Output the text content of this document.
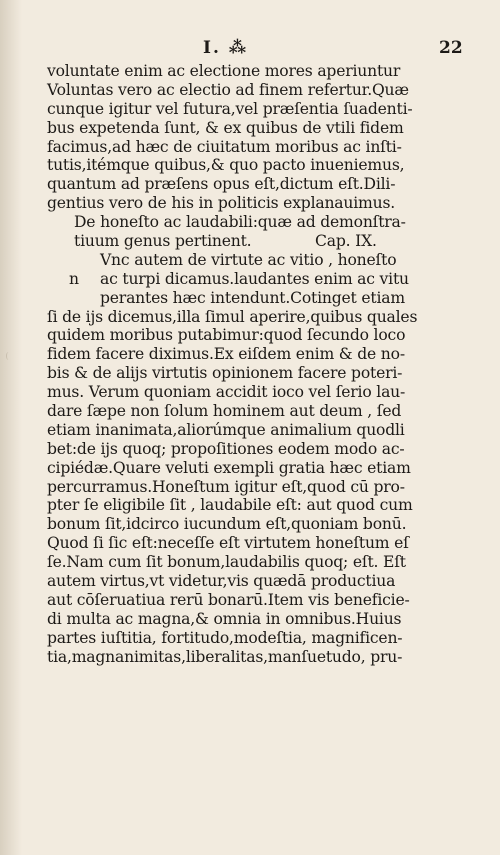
I. ⁂	22
voluntate enim ac electione mores aperiuntur
Voluntas vero ac electio ad finem refertur.Quæ
cunque igitur vel futura,vel præſentia ſuadenti-
bus expetenda ſunt, & ex quibus de vtili fidem
facimus,ad hæc de ciuitatum moribus ac inſti-
tutis,itémque quibus,& quo pacto inueniemus,
quantum ad præſens opus eſt,dictum eſt.Dili-
gentius vero de his in politicis explanauimus.
De honeſto ac laudabili:quæ ad demonſtra-
tiuum genus pertinent.	Cap. IX.
Vnc autem de virtute ac vitio , honeſto
n ac turpi dicamus.laudantes enim ac vitu
perantes hæc intendunt.Cotinget etiam
ſi de ijs dicemus,illa ſimul aperire,quibus quales
quidem moribus putabimur:quod ſecundo loco
fidem facere diximus.Ex eiſdem enim & de no-
bis & de alijs virtutis opinionem facere poteri-
mus. Verum quoniam accidit ioco vel ſerio lau-
dare ſæpe non ſolum hominem aut deum , ſed
etiam inanimata,aliorúmque animalium quodli
bet:de ijs quoq; propoſitiones eodem modo ac-
cipiédæ.Quare veluti exempli gratia hæc etiam
percurramus.Honeſtum igitur eſt,quod cū pro-
pter ſe eligibile ſit , laudabile eſt: aut quod cum
bonum ſit,idcirco iucundum eſt,quoniam bonū.
Quod ſi ſic eſt:neceſſe eſt virtutem honeſtum eſ
ſe.Nam cum ſit bonum,laudabilis quoq; eſt. Eſt
autem virtus,vt videtur,vis quædā productiua
aut cōſeruatiua rerū bonarū.Item vis beneficie-
di multa ac magna,& omnia in omnibus.Huius
partes iuſtitia, fortitudo,modeſtia, magnificen-
tia,magnanimitas,liberalitas,manſuetudo, pru-
